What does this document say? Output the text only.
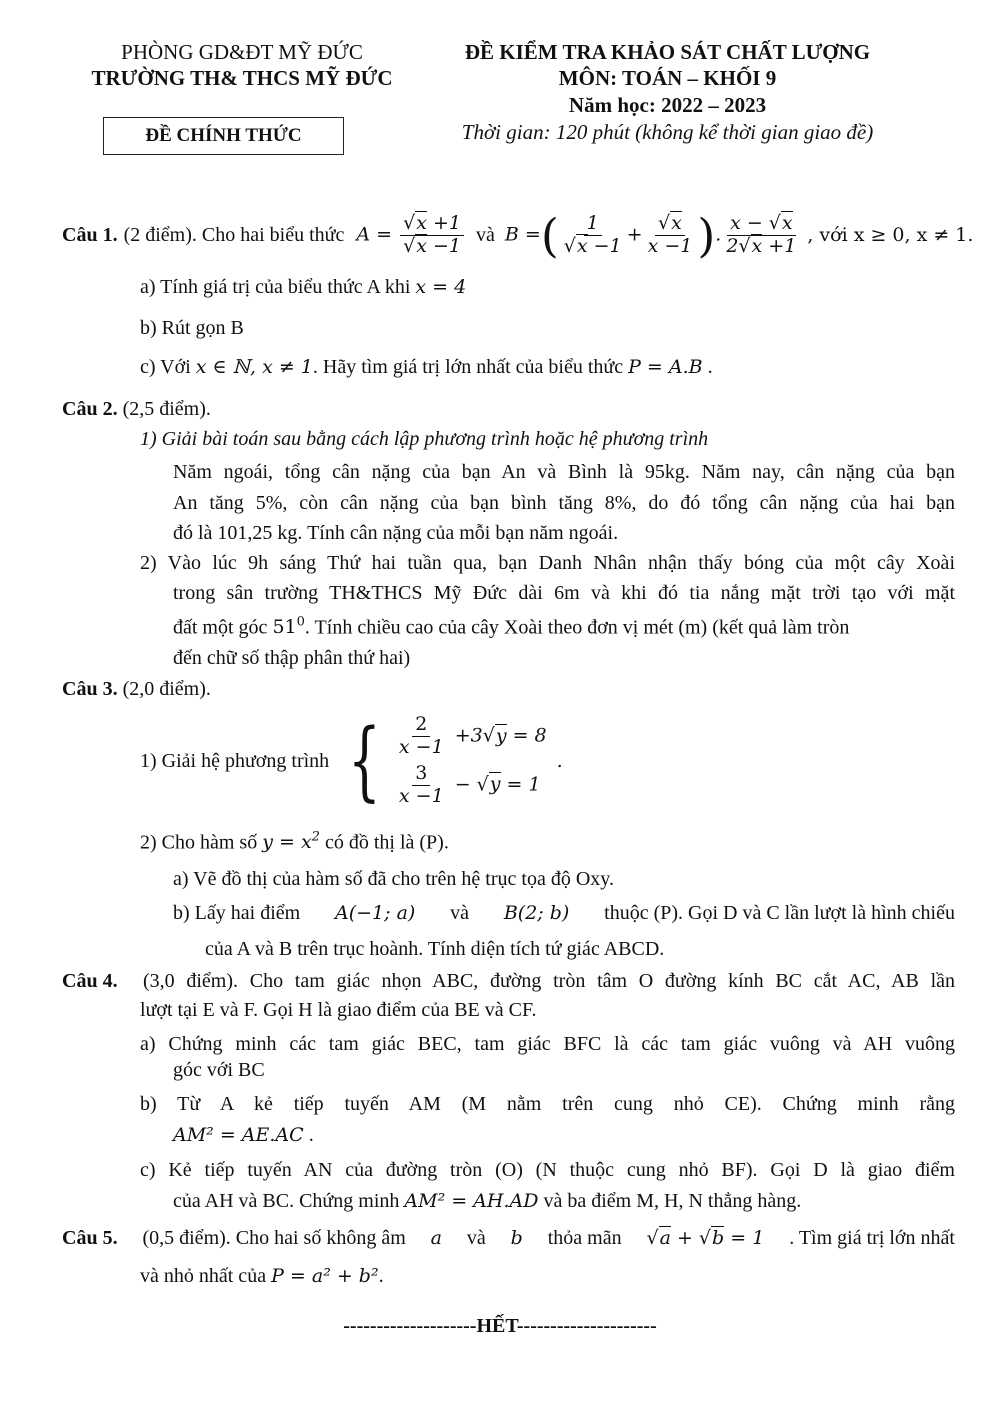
PHÒNG GD&ĐT MỸ ĐỨC
TRƯỜNG TH& THCS MỸ ĐỨC
ĐỀ CHÍNH THỨC
ĐỀ KIỂM TRA KHẢO SÁT CHẤT LƯỢNG
MÔN: TOÁN – KHỐI 9
Năm học: 2022 – 2023
Thời gian: 120 phút (không kể thời gian giao đề)
Câu 1. (2 điểm). Cho hai biểu thức $A = \frac{√x +1}{√x -1}$ và B =( $\frac{1}{√x -1} + \frac{√x}{x -1}$ ). $\frac{x - √x}{2√x +1}$ , với x ≥ 0, x ≠ 1.
a) Tính giá trị của biểu thức A khi x = 4
b) Rút gọn B
c) Với x ∈ ℕ, x ≠ 1. Hãy tìm giá trị lớn nhất của biểu thức P = A.B .
Câu 2. (2,5 điểm).
1) Giải bài toán sau bằng cách lập phương trình hoặc hệ phương trình
Năm ngoái, tổng cân nặng của bạn An và Bình là 95kg. Năm nay, cân nặng của bạn
An tăng 5%, còn cân nặng của bạn bình tăng 8%, do đó tổng cân nặng của hai bạn
đó là 101,25 kg. Tính cân nặng của mỗi bạn năm ngoái.
2) Vào lúc 9h sáng Thứ hai tuần qua, bạn Danh Nhân nhận thấy bóng của một cây Xoài
trong sân trường TH&THCS Mỹ Đức dài 6m và khi đó tia nắng mặt trời tạo với mặt
đất một góc $51^0$. Tính chiều cao của cây Xoài theo đơn vị mét (m) (kết quả làm tròn
đến chữ số thập phân thứ hai)
Câu 3. (2,0 điểm).
1) Giải hệ phương trình { $\frac{2}{x -1} +3√y = 8$
$\frac{3}{x -1} - √y = 1$
.
2) Cho hàm số $y = x^2$ có đồ thị là (P).
a) Vẽ đồ thị của hàm số đã cho trên hệ trục tọa độ Oxy.
b) Lấy hai điểm A(−1; a) và B(2; b) thuộc (P). Gọi D và C lần lượt là hình chiếu
của A và B trên trục hoành. Tính diện tích tứ giác ABCD.
Câu 4. (3,0 điểm). Cho tam giác nhọn ABC, đường tròn tâm O đường kính BC cắt AC, AB lần
lượt tại E và F. Gọi H là giao điểm của BE và CF.
a) Chứng minh các tam giác BEC, tam giác BFC là các tam giác vuông và AH vuông
góc với BC
b) Từ A kẻ tiếp tuyến AM (M nằm trên cung nhỏ CE). Chứng minh rằng
AM² = AE.AC .
c) Kẻ tiếp tuyến AN của đường tròn (O) (N thuộc cung nhỏ BF). Gọi D là giao điểm
của AH và BC. Chứng minh AM² = AH.AD và ba điểm M, H, N thẳng hàng.
Câu 5. (0,5 điểm). Cho hai số không âm a và b thỏa mãn √a + √b = 1 . Tìm giá trị lớn nhất
và nhỏ nhất của P = a² + b².
--------------------HẾT---------------------
